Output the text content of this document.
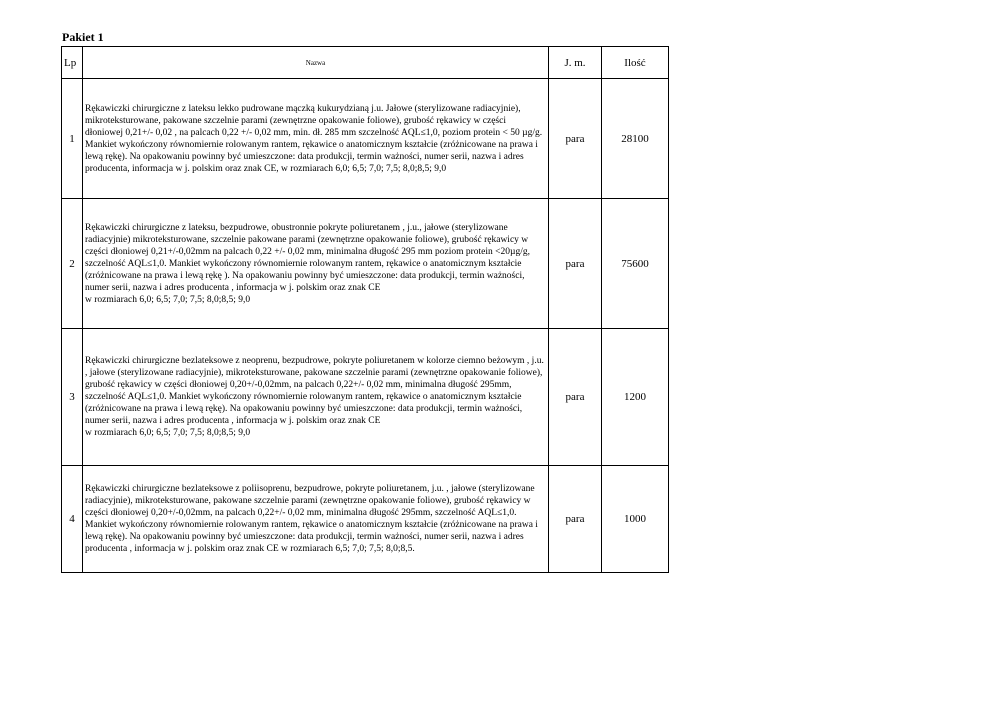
Pakiet 1
Lp	Nazwa	J. m.	Ilość
1	Rękawiczki chirurgiczne z lateksu lekko pudrowane mączką kukurydzianą j.u. Jałowe (sterylizowane radiacyjnie), mikroteksturowane, pakowane szczelnie parami (zewnętrzne opakowanie foliowe), grubość rękawicy w części dłoniowej 0,21+/- 0,02 , na palcach 0,22 +/- 0,02 mm, min. dł. 285 mm szczelność AQL≤1,0, poziom protein < 50 µg/g. Mankiet wykończony równomiernie rolowanym rantem, rękawice o anatomicznym kształcie (zróżnicowane na prawa i lewą rękę). Na opakowaniu powinny być umieszczone: data produkcji, termin ważności, numer serii, nazwa i adres producenta, informacja w j. polskim oraz znak CE, w rozmiarach 6,0; 6,5; 7,0; 7,5; 8,0;8,5; 9,0	para	28100
2	Rękawiczki chirurgiczne z lateksu, bezpudrowe, obustronnie pokryte poliuretanem , j.u., jałowe (sterylizowane radiacyjnie) mikroteksturowane, szczelnie pakowane parami (zewnętrzne opakowanie foliowe), grubość rękawicy w części dłoniowej 0,21+/-0,02mm na palcach 0,22 +/- 0,02 mm, minimalna długość 295 mm poziom protein <20µg/g, szczelność AQL≤1,0. Mankiet wykończony równomiernie rolowanym rantem, rękawice o anatomicznym kształcie (zróżnicowane na prawa i lewą rękę ). Na opakowaniu powinny być umieszczone: data produkcji, termin ważności, numer serii, nazwa i adres producenta , informacja w j. polskim oraz znak CE
w rozmiarach 6,0; 6,5; 7,0; 7,5; 8,0;8,5; 9,0	para	75600
3	Rękawiczki chirurgiczne bezlateksowe z neoprenu, bezpudrowe, pokryte poliuretanem w kolorze ciemno beżowym , j.u. , jałowe (sterylizowane radiacyjnie), mikroteksturowane, pakowane szczelnie parami (zewnętrzne opakowanie foliowe), grubość rękawicy w części dłoniowej 0,20+/-0,02mm, na palcach 0,22+/- 0,02 mm, minimalna długość 295mm, szczelność AQL≤1,0. Mankiet wykończony równomiernie rolowanym rantem, rękawice o anatomicznym kształcie (zróżnicowane na prawa i lewą rękę). Na opakowaniu powinny być umieszczone: data produkcji, termin ważności, numer serii, nazwa i adres producenta , informacja w j. polskim oraz znak CE
w rozmiarach 6,0; 6,5; 7,0; 7,5; 8,0;8,5; 9,0	para	1200
4	Rękawiczki chirurgiczne bezlateksowe z poliisoprenu, bezpudrowe, pokryte poliuretanem, j.u. , jałowe (sterylizowane radiacyjnie), mikroteksturowane, pakowane szczelnie parami (zewnętrzne opakowanie foliowe), grubość rękawicy w części dłoniowej 0,20+/-0,02mm, na palcach 0,22+/- 0,02 mm, minimalna długość 295mm, szczelność AQL≤1,0. Mankiet wykończony równomiernie rolowanym rantem, rękawice o anatomicznym kształcie (zróżnicowane na prawa i lewą rękę). Na opakowaniu powinny być umieszczone: data produkcji, termin ważności, numer serii, nazwa i adres producenta , informacja w j. polskim oraz znak CE w rozmiarach 6,5; 7,0; 7,5; 8,0;8,5.	para	1000
